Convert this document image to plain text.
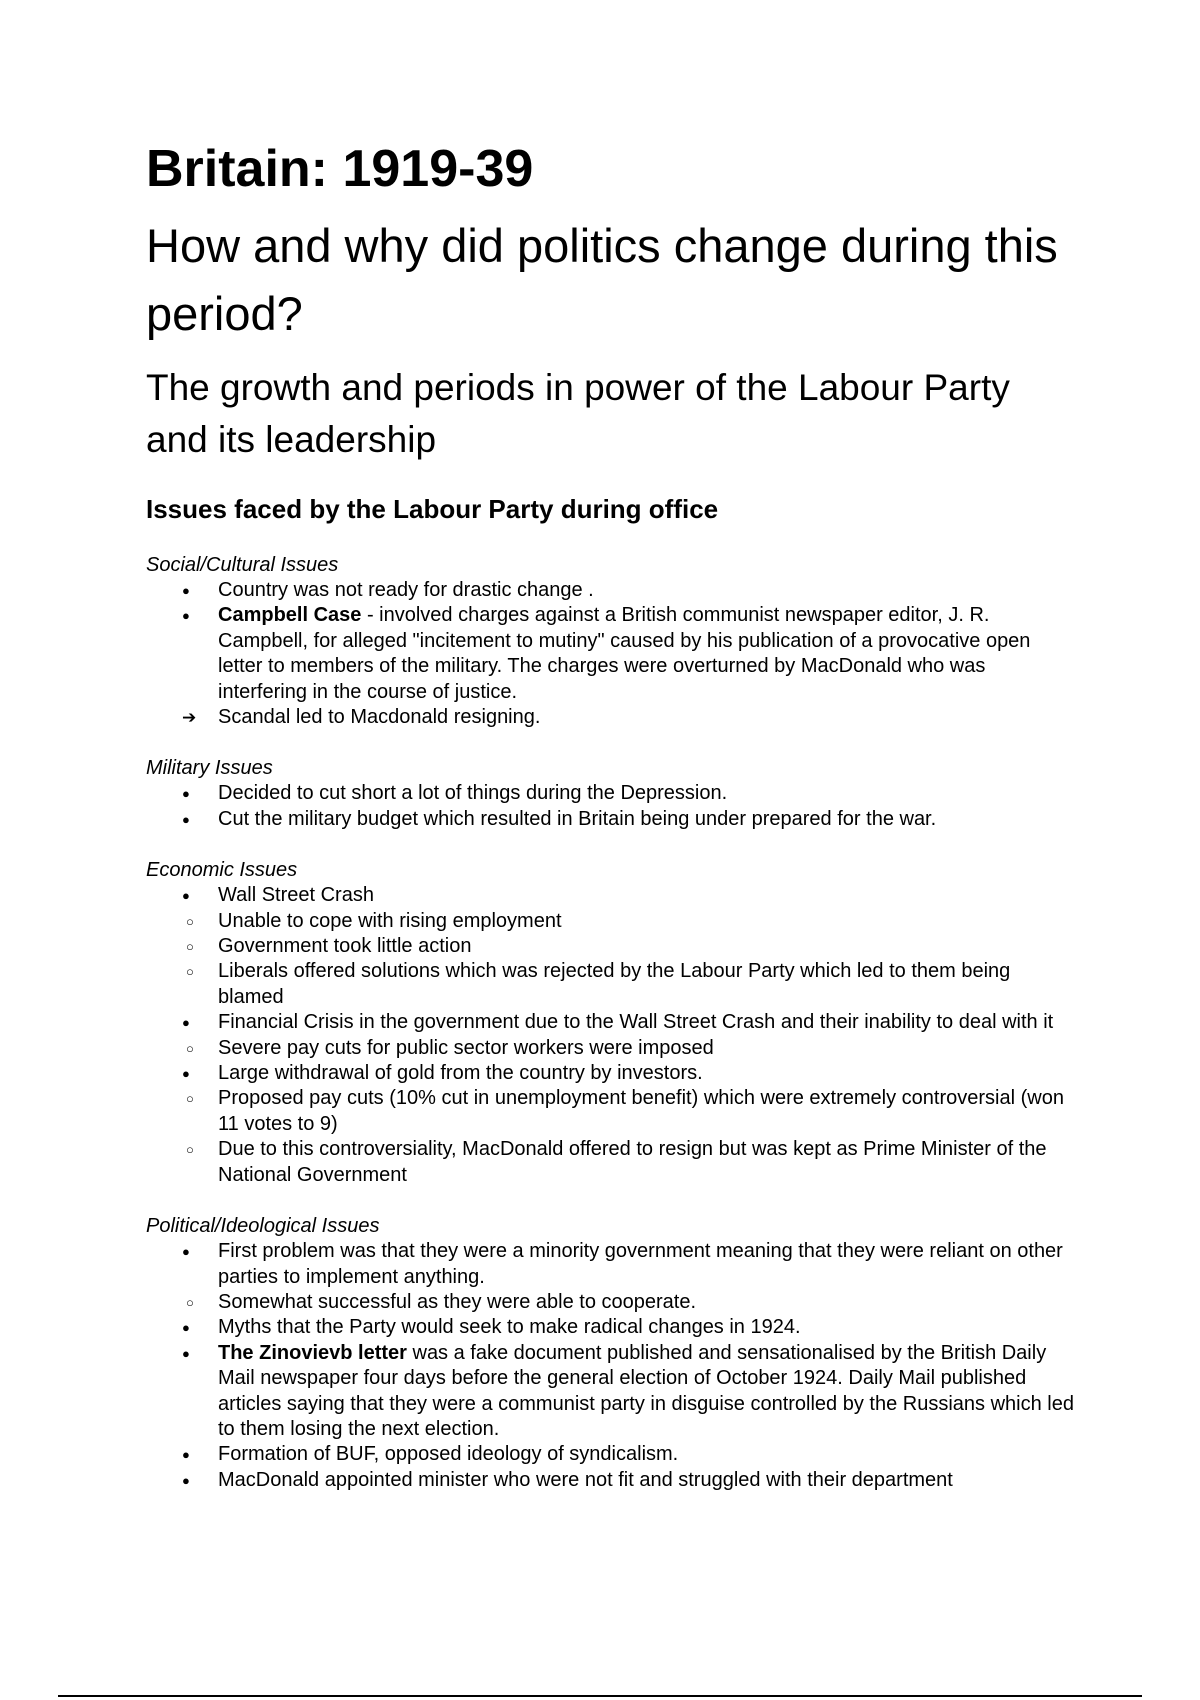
Britain: 1919-39
How and why did politics change during this period?
The growth and periods in power of the Labour Party and its leadership
Issues faced by the Labour Party during office

Social/Cultural Issues

● Country was not ready for drastic change .
● Campbell Case - involved charges against a British communist newspaper editor, J. R. Campbell, for alleged "incitement to mutiny" caused by his publication of a provocative open letter to members of the military. The charges were overturned by MacDonald who was interfering in the course of justice.
➔ Scandal led to Macdonald resigning.

Military Issues

● Decided to cut short a lot of things during the Depression.
● Cut the military budget which resulted in Britain being under prepared for the war.

Economic Issues

● Wall Street Crash
○ Unable to cope with rising employment
○ Government took little action
○ Liberals offered solutions which was rejected by the Labour Party which led to them being blamed
● Financial Crisis in the government due to the Wall Street Crash and their inability to deal with it
○ Severe pay cuts for public sector workers were imposed
● Large withdrawal of gold from the country by investors.
○ Proposed pay cuts (10% cut in unemployment benefit) which were extremely controversial (won 11 votes to 9)
○ Due to this controversiality, MacDonald offered to resign but was kept as Prime Minister of the National Government

Political/Ideological Issues

● First problem was that they were a minority government meaning that they were reliant on other parties to implement anything.
○ Somewhat successful as they were able to cooperate.
● Myths that the Party would seek to make radical changes in 1924.
● The Zinovievb letter was a fake document published and sensationalised by the British Daily Mail newspaper four days before the general election of October 1924. Daily Mail published articles saying that they were a communist party in disguise controlled by the Russians which led to them losing the next election.
● Formation of BUF, opposed ideology of syndicalism.
● MacDonald appointed minister who were not fit and struggled with their department
